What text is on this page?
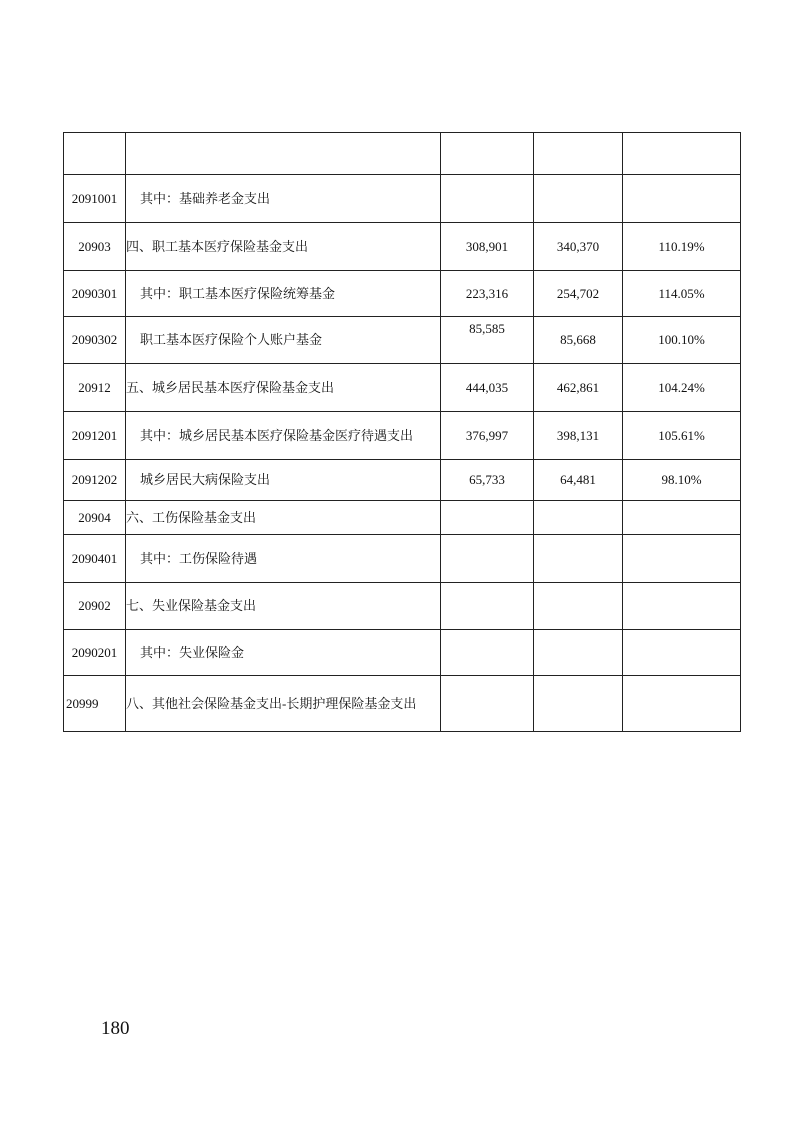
2091001	其中：基础养老金支出			
20903	四、职工基本医疗保险基金支出	308,901	340,370	110.19%
2090301	其中：职工基本医疗保险统筹基金	223,316	254,702	114.05%
2090302	职工基本医疗保险个人账户基金	85,585	85,668	100.10%
20912	五、城乡居民基本医疗保险基金支出	444,035	462,861	104.24%
2091201	其中：城乡居民基本医疗保险基金医疗待遇支出	376,997	398,131	105.61%
2091202	城乡居民大病保险支出	65,733	64,481	98.10%
20904	六、工伤保险基金支出			
2090401	其中：工伤保险待遇			
20902	七、失业保险基金支出			
2090201	其中：失业保险金			
20999	八、其他社会保险基金支出-长期护理保险基金支出			
180
